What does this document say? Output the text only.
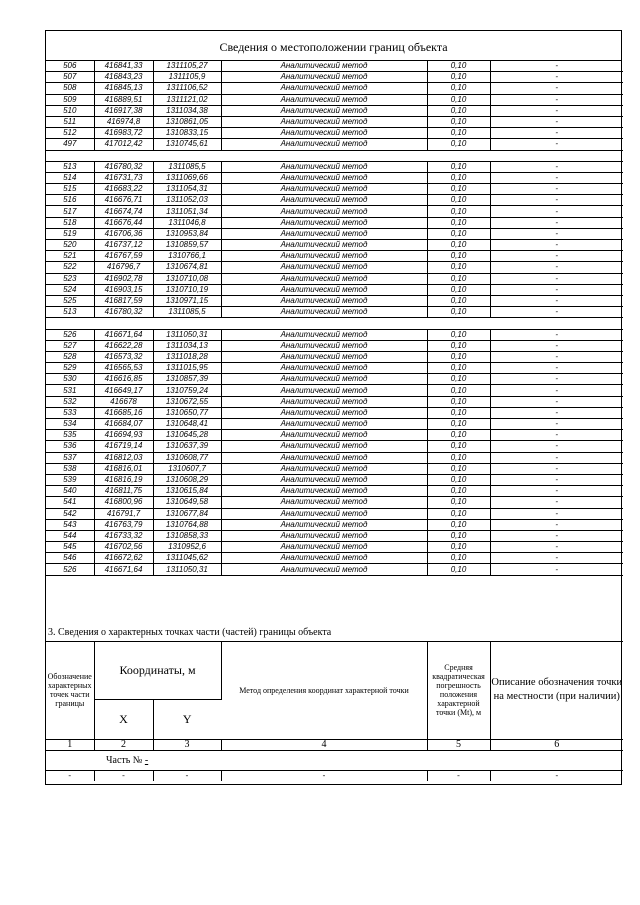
Сведения о местоположении границ объекта
506	416841,33	1311105,27	Аналитический метод	0,10	-
507	416843,23	1311105,9	Аналитический метод	0,10	-
508	416845,13	1311106,52	Аналитический метод	0,10	-
509	416889,51	1311121,02	Аналитический метод	0,10	-
510	416917,38	1311034,38	Аналитический метод	0,10	-
511	416974,8	1310861,05	Аналитический метод	0,10	-
512	416983,72	1310833,15	Аналитический метод	0,10	-
497	417012,42	1310745,61	Аналитический метод	0,10	-

513	416780,32	1311085,5	Аналитический метод	0,10	-
514	416731,73	1311069,66	Аналитический метод	0,10	-
515	416683,22	1311054,31	Аналитический метод	0,10	-
516	416676,71	1311052,03	Аналитический метод	0,10	-
517	416674,74	1311051,34	Аналитический метод	0,10	-
518	416676,44	1311046,8	Аналитический метод	0,10	-
519	416706,36	1310953,84	Аналитический метод	0,10	-
520	416737,12	1310859,57	Аналитический метод	0,10	-
521	416767,59	1310766,1	Аналитический метод	0,10	-
522	416796,7	1310674,81	Аналитический метод	0,10	-
523	416902,78	1310710,08	Аналитический метод	0,10	-
524	416903,15	1310710,19	Аналитический метод	0,10	-
525	416817,59	1310971,15	Аналитический метод	0,10	-
513	416780,32	1311085,5	Аналитический метод	0,10	-

526	416671,64	1311050,31	Аналитический метод	0,10	-
527	416622,28	1311034,13	Аналитический метод	0,10	-
528	416573,32	1311018,28	Аналитический метод	0,10	-
529	416565,53	1311015,95	Аналитический метод	0,10	-
530	416616,85	1310857,39	Аналитический метод	0,10	-
531	416649,17	1310759,24	Аналитический метод	0,10	-
532	416678	1310672,55	Аналитический метод	0,10	-
533	416685,16	1310650,77	Аналитический метод	0,10	-
534	416684,07	1310648,41	Аналитический метод	0,10	-
535	416694,93	1310645,28	Аналитический метод	0,10	-
536	416719,14	1310637,39	Аналитический метод	0,10	-
537	416812,03	1310608,77	Аналитический метод	0,10	-
538	416816,01	1310607,7	Аналитический метод	0,10	-
539	416816,19	1310608,29	Аналитический метод	0,10	-
540	416811,75	1310615,84	Аналитический метод	0,10	-
541	416800,96	1310649,58	Аналитический метод	0,10	-
542	416791,7	1310677,84	Аналитический метод	0,10	-
543	416763,79	1310764,88	Аналитический метод	0,10	-
544	416733,32	1310858,33	Аналитический метод	0,10	-
545	416702,56	1310952,6	Аналитический метод	0,10	-
546	416672,62	1311045,62	Аналитический метод	0,10	-
526	416671,64	1311050,31	Аналитический метод	0,10	-
3. Сведения о характерных точках части (частей) границы объекта					
Обозначение характерных точек части границы	Координаты, м		Метод определения координат характерной точки	Средняя квадратическая погрешность положения характерной точки (Mt), м	Описание обозначения точки на местности (при наличии)
	X	Y			
1	2	3	4	5	6
Часть № -					
-	-	-	-	-	-
